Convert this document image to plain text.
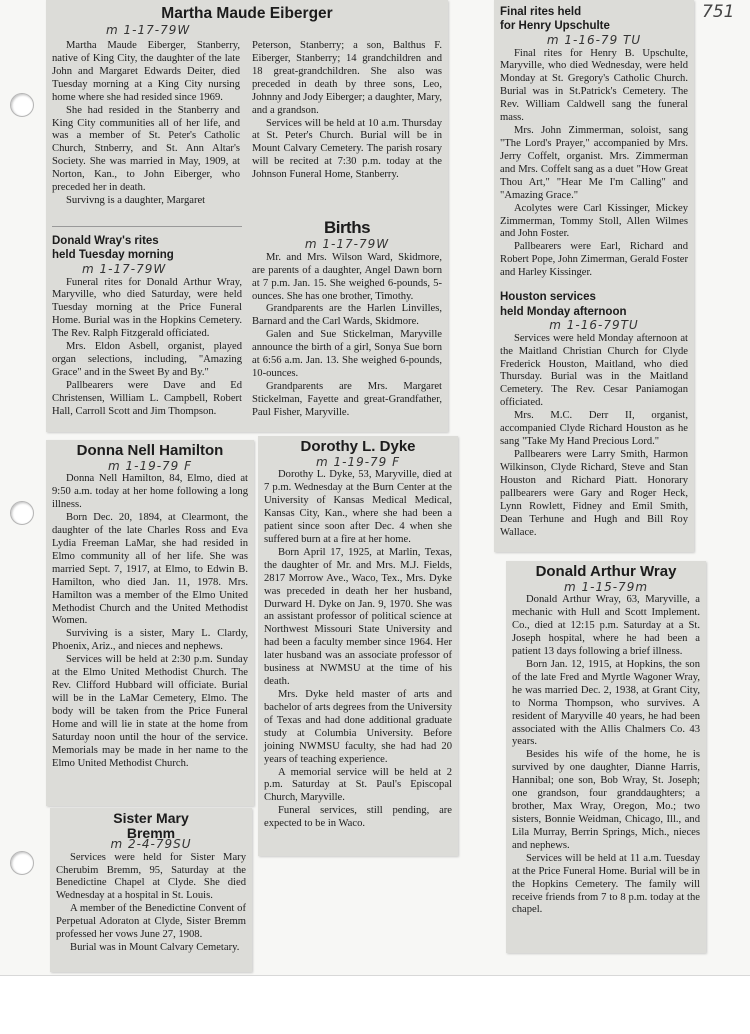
751
Martha Maude Eiberger
m 1-17-79W

Martha Maude Eiberger, Stanberry, native of King City, the daughter of the late John and Margaret Edwards Deiter, died Tuesday morning at a King City nursing home where she had resided since 1969.

She had resided in the Stanberry and King City communities all of her life, and was a member of St. Peter's Catholic Church, Stnberry, and St. Ann Altar's Society. She was married in May, 1909, at Norton, Kan., to John Eiberger, who preceded her in death.

Survivng is a daughter, Margaret

Peterson, Stanberry; a son, Balthus F. Eiberger, Stanberry; 14 grandchildren and 18 great-grandchildren. She also was preceded in death by three sons, Leo, Johnny and Jody Eiberger; a daughter, Mary, and a grandson.

Services will be held at 10 a.m. Thursday at St. Peter's Church. Burial will be in Mount Calvary Cemetery. The parish rosary will be recited at 7:30 p.m. today at the Johnson Funeral Home, Stanberry.

Donald Wray's rites
held Tuesday morning
m 1-17-79W

Funeral rites for Donald Arthur Wray, Maryville, who died Saturday, were held Tuesday morning at the Price Funeral Home. Burial was in the Hopkins Cemetery. The Rev. Ralph Fitzgerald officiated.

Mrs. Eldon Asbell, organist, played organ selections, including, "Amazing Grace" and in the Sweet By and By."

Pallbearers were Dave and Ed Christensen, William L. Campbell, Robert Hall, Carroll Scott and Jim Thompson.

Births
m 1-17-79W

Mr. and Mrs. Wilson Ward, Skidmore, are parents of a daughter, Angel Dawn born at 7 p.m. Jan. 15. She weighed 6-pounds, 5-ounces. She has one brother, Timothy.

Grandparents are the Harlen Linvilles, Barnard and the Carl Wards, Skidmore.

Galen and Sue Stickelman, Maryville announce the birth of a girl, Sonya Sue born at 6:56 a.m. Jan. 13. She weighed 6-pounds, 10-ounces.

Grandparents are Mrs. Margaret Stickelman, Fayette and great-Grandfather, Paul Fisher, Maryville.

Final rites held
for Henry Upschulte
m 1-16-79 TU

Final rites for Henry B. Upschulte, Maryville, who died Wednesday, were held Monday at St. Gregory's Catholic Church. Burial was in St.Patrick's Cemetery. The Rev. William Caldwell sang the funeral mass.

Mrs. John Zimmerman, soloist, sang "The Lord's Prayer," accompanied by Mrs. Jerry Coffelt, organist. Mrs. Zimmerman and Mrs. Coffelt sang as a duet "How Great Thou Art," "Hear Me I'm Calling" and "Amazing Grace."

Acolytes were Carl Kissinger, Mickey Zimmerman, Tommy Stoll, Allen Wilmes and John Foster.

Pallbearers were Earl, Richard and Robert Pope, John Zimerman, Gerald Foster and Harley Kissinger.

Houston services
held Monday afternoon
m 1-16-79TU

Services were held Monday afternoon at the Maitland Christian Church for Clyde Frederick Houston, Maitland, who died Thursday. Burial was in the Maitland Cemetery. The Rev. Cesar Paniamogan officiated.

Mrs. M.C. Derr II, organist, accompanied Clyde Richard Houston as he sang "Take My Hand Precious Lord."

Pallbearers were Larry Smith, Harmon Wilkinson, Clyde Richard, Steve and Stan Houston and Richard Piatt. Honorary pallbearers were Gary and Roger Heck, Lynn Rowlett, Fidney and Emil Smith, Dean Terhune and Hugh and Bill Roy Wallace.

Donna Nell Hamilton
m 1-19-79 F

Donna Nell Hamilton, 84, Elmo, died at 9:50 a.m. today at her home following a long illness.

Born Dec. 20, 1894, at Clearmont, the daughter of the late Charles Ross and Eva Lydia Freeman LaMar, she had resided in Elmo community all of her life. She was married Sept. 7, 1917, at Elmo, to Edwin B. Hamilton, who died Jan. 11, 1978. Mrs. Hamilton was a member of the Elmo United Methodist Church and the United Methodist Women.

Surviving is a sister, Mary L. Clardy, Phoenix, Ariz., and nieces and nephews.

Services will be held at 2:30 p.m. Sunday at the Elmo United Methodist Church. The Rev. Clifford Hubbard will officiate. Burial will be in the LaMar Cemetery, Elmo. The body will be taken from the Price Funeral Home and will lie in state at the home from Saturday noon until the hour of the service. Memorials may be made in her name to the Elmo United Methodist Church.

Dorothy L. Dyke
m 1-19-79 F

Dorothy L. Dyke, 53, Maryville, died at 7 p.m. Wednesday at the Burn Center at the University of Kansas Medical Medical, Kansas City, Kan., where she had been a patient since soon after Dec. 4 when she suffered burn at a fire at her home.

Born April 17, 1925, at Marlin, Texas, the daughter of Mr. and Mrs. M.J. Fields, 2817 Morrow Ave., Waco, Tex., Mrs. Dyke was preceded in death her her husband, Durward H. Dyke on Jan. 9, 1970. She was an assistant professor of political science at Northwest Missouri State University and had been a faculty member since 1964. Her later husband was an associate professor of business at NWMSU at the time of his death.

Mrs. Dyke held master of arts and bachelor of arts degrees from the University of Texas and had done additional graduate study at Columbia University. Before joining NWMSU faculty, she had had 20 years of teaching experience.

A memorial service will be held at 2 p.m. Saturday at St. Paul's Episcopal Church, Maryville.

Funeral services, still pending, are expected to be in Waco.

Donald Arthur Wray
m 1-15-79m

Donald Arthur Wray, 63, Maryville, a mechanic with Hull and Scott Implement. Co., died at 12:15 p.m. Saturday at a St. Joseph hospital, where he had been a patient 13 days following a brief illness.

Born Jan. 12, 1915, at Hopkins, the son of the late Fred and Myrtle Wagoner Wray, he was married Dec. 2, 1938, at Grant City, to Norma Thompson, who survives. A resident of Maryville 40 years, he had been associated with the Allis Chalmers Co. 43 years.

Besides his wife of the home, he is survived by one daughter, Dianne Harris, Hannibal; one son, Bob Wray, St. Joseph; one grandson, four granddaughters; a brother, Max Wray, Oregon, Mo.; two sisters, Bonnie Weidman, Chicago, Ill., and Lila Murray, Berrin Springs, Mich., nieces and nephews.

Services will be held at 11 a.m. Tuesday at the Price Funeral Home. Burial will be in the Hopkins Cemetery. The family will receive friends from 7 to 8 p.m. today at the chapel.

Sister Mary
Bremm
m 2-4-79SU

Services were held for Sister Mary Cherubim Bremm, 95, Saturday at the Benedictine Chapel at Clyde. She died Wednesday at a hospital in St. Louis.

A member of the Benedictine Convent of Perpetual Adoraton at Clyde, Sister Bremm professed her vows June 27, 1908.

Burial was in Mount Calvary Cemetary.
